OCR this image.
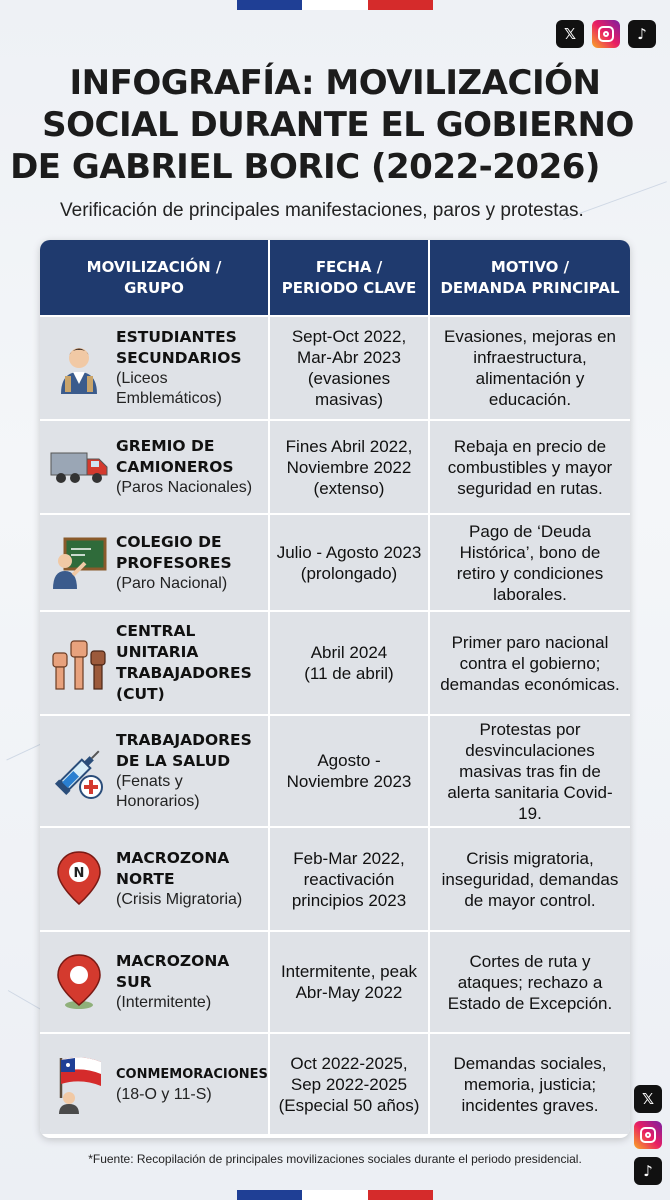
𝕏	♪
INFOGRAFÍA: MOVILIZACIÓN
SOCIAL DURANTE EL GOBIERNO
DE GABRIEL BORIC (2022-2026)
Verificación de principales manifestaciones, paros y protestas.
MOVILIZACIÓN /
GRUPO
FECHA /
PERIODO CLAVE
MOTIVO /
DEMANDA PRINCIPAL
ESTUDIANTES
SECUNDARIOS
(Liceos
Emblemáticos)
Sept-Oct 2022,
Mar-Abr 2023
(evasiones
masivas)
Evasiones, mejoras en
infraestructura,
alimentación y
educación.
GREMIO DE
CAMIONEROS
(Paros Nacionales)
Fines Abril 2022,
Noviembre 2022
(extenso)
Rebaja en precio de
combustibles y mayor
seguridad en rutas.
COLEGIO DE
PROFESORES
(Paro Nacional)
Julio - Agosto 2023
(prolongado)
Pago de ‘Deuda
Histórica’, bono de
retiro y condiciones
laborales.
CENTRAL
UNITARIA
TRABAJADORES
(CUT)
Abril 2024
(11 de abril)
Primer paro nacional
contra el gobierno;
demandas económicas.
TRABAJADORES
DE LA SALUD
(Fenats y
Honorarios)
Agosto -
Noviembre 2023
Protestas por
desvinculaciones
masivas tras fin de
alerta sanitaria Covid-19.
N
MACROZONA
NORTE
(Crisis Migratoria)
Feb-Mar 2022,
reactivación
principios 2023
Crisis migratoria,
inseguridad, demandas
de mayor control.
MACROZONA SUR
(Intermitente)
Intermitente, peak
Abr-May 2022
Cortes de ruta y
ataques; rechazo a
Estado de Excepción.
CONMEMORACIONES
(18-O y 11-S)
Oct 2022-2025,
Sep 2022-2025
(Especial 50 años)
Demandas sociales,
memoria, justicia;
incidentes graves.	𝕏
♪
*Fuente: Recopilación de principales movilizaciones sociales durante el periodo presidencial.
